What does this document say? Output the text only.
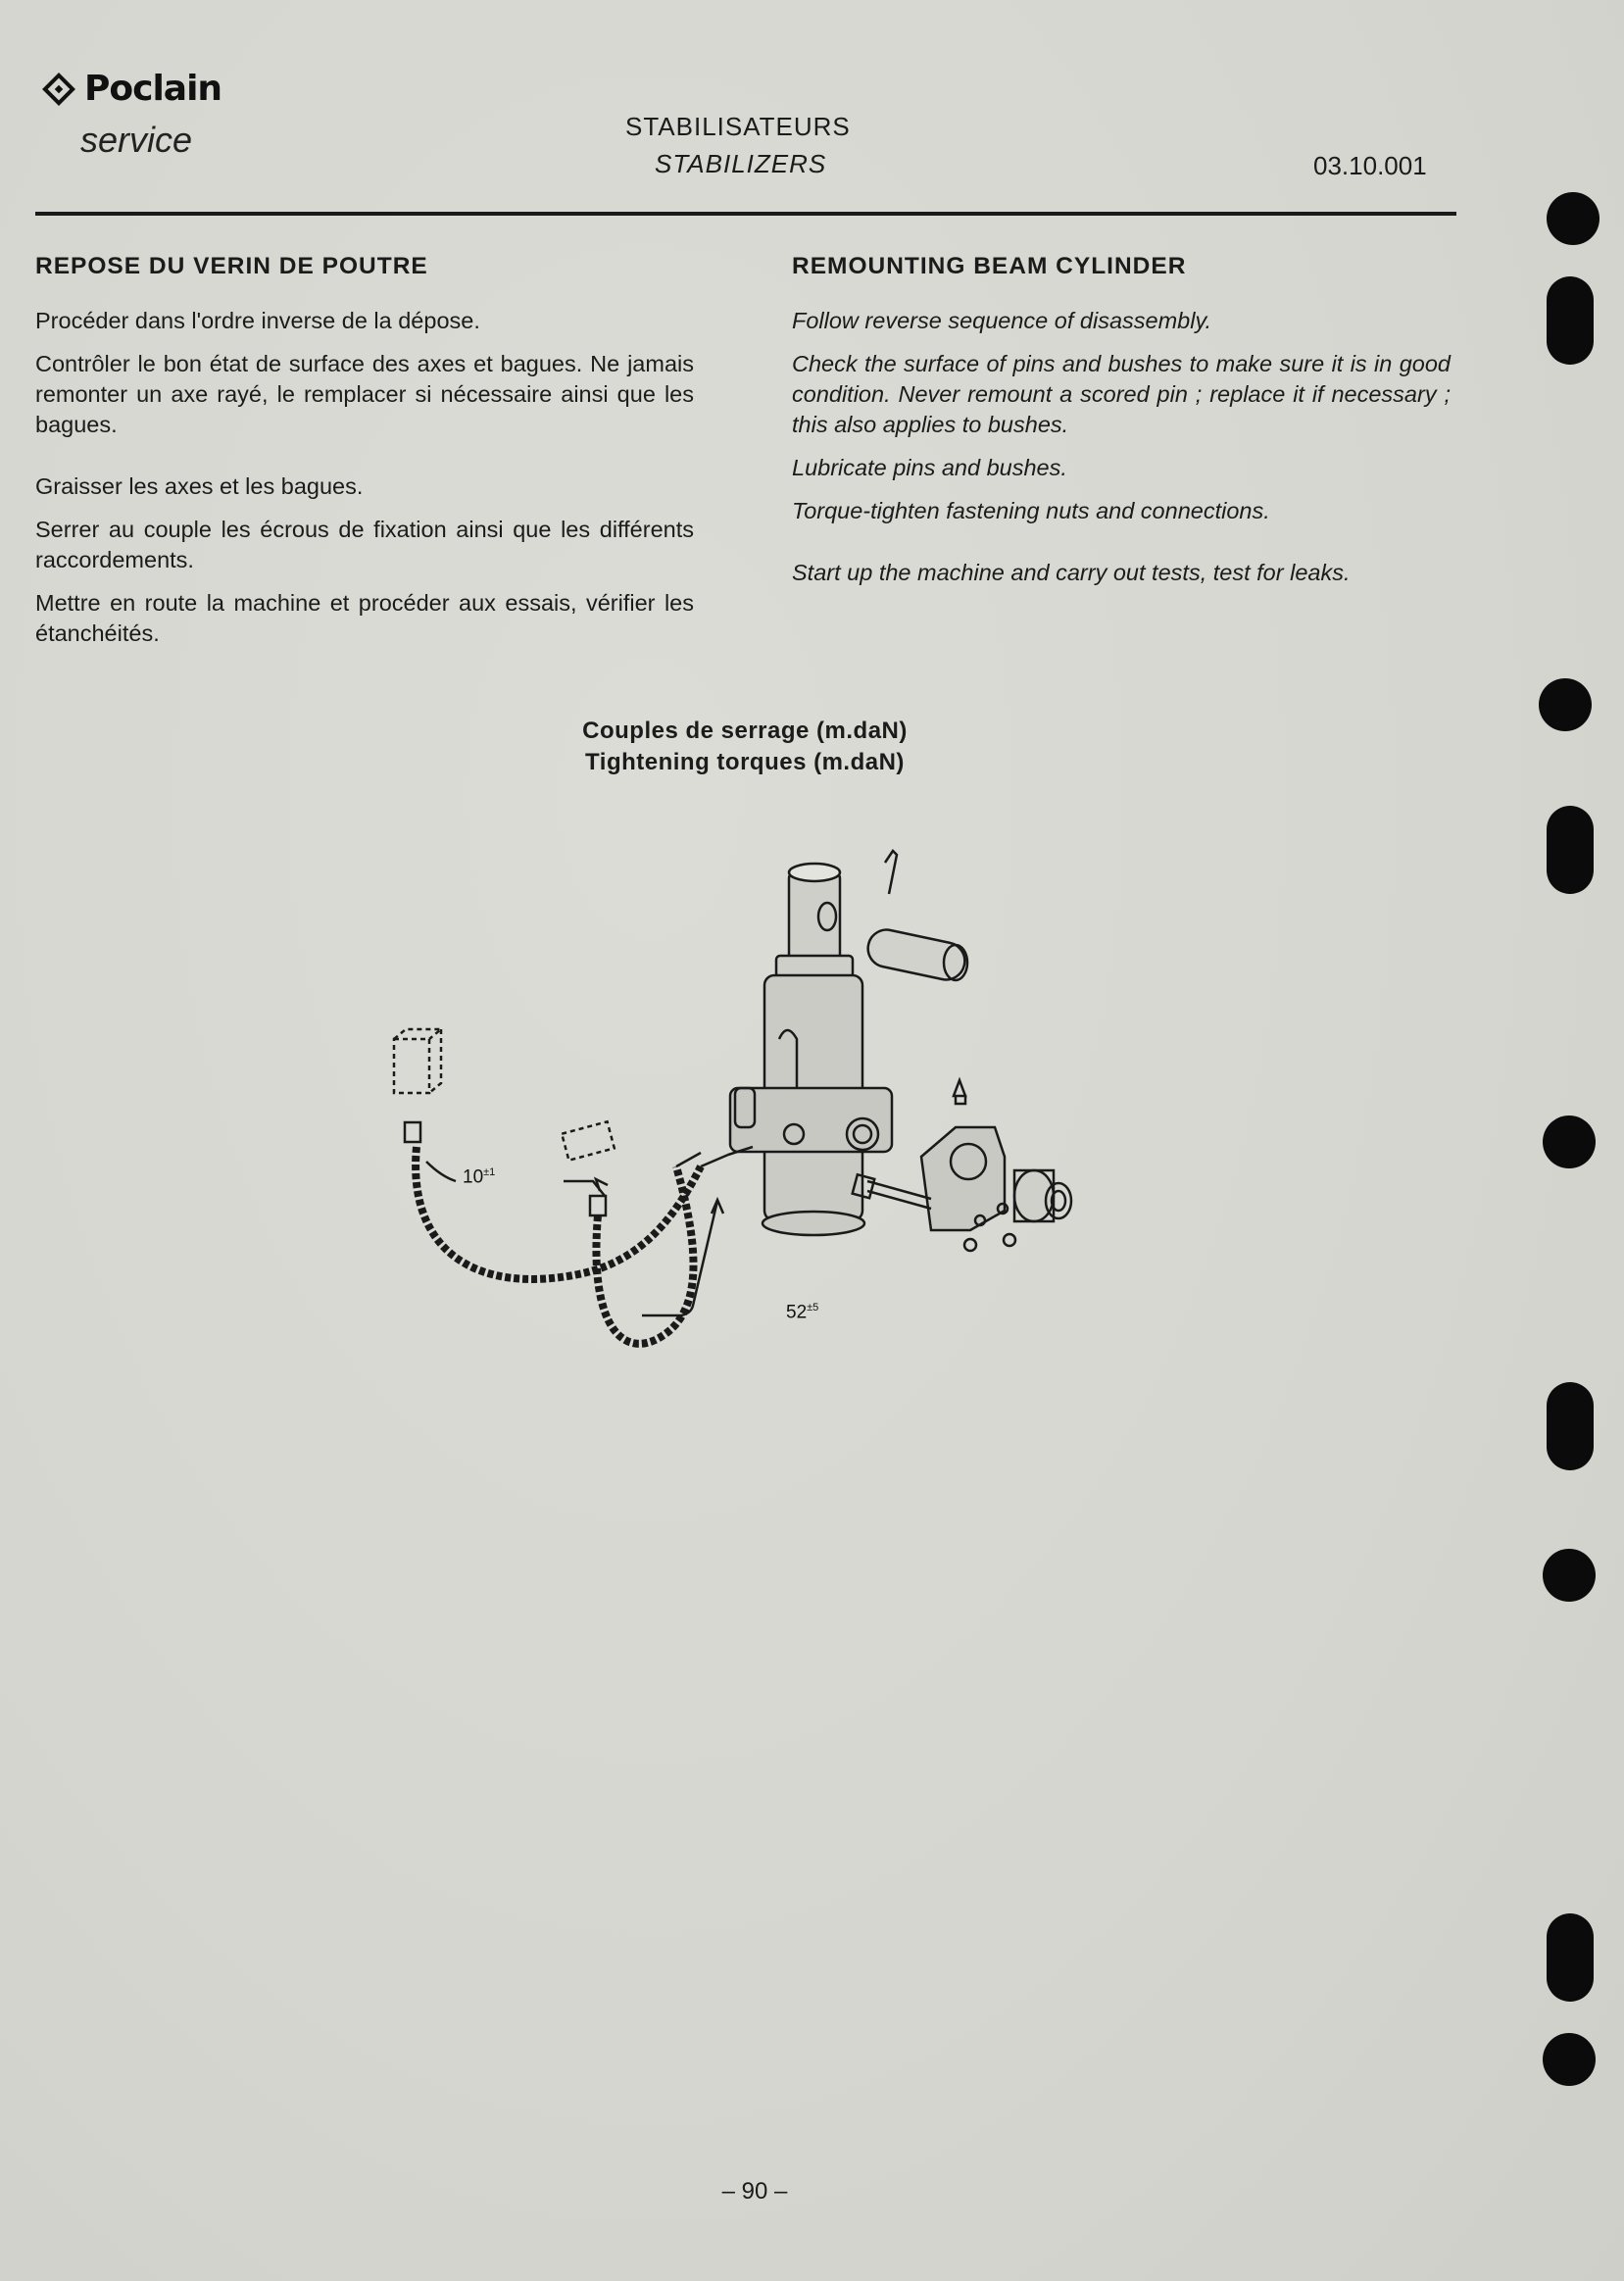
Poclain
service	STABILISATEURS
STABILIZERS	03.10.001
REPOSE DU VERIN DE POUTRE

Procéder dans l'ordre inverse de la dépose.

Contrôler le bon état de surface des axes et bagues. Ne jamais remonter un axe rayé, le remplacer si nécessaire ainsi que les bagues.

Graisser les axes et les bagues.

Serrer au couple les écrous de fixation ainsi que les différents raccordements.

Mettre en route la machine et procéder aux essais, vérifier les étanchéités.

REMOUNTING BEAM CYLINDER

Follow reverse sequence of disassembly.

Check the surface of pins and bushes to make sure it is in good condition. Never remount a scored pin ; replace it if necessary ; this also applies to bushes.

Lubricate pins and bushes.

Torque-tighten fastening nuts and connections.

Start up the machine and carry out tests, test for leaks.

Couples de serrage (m.daN)
Tightening torques (m.daN)
$10^{\pm 1}$
$52^{\pm 5}$
– 90 –
